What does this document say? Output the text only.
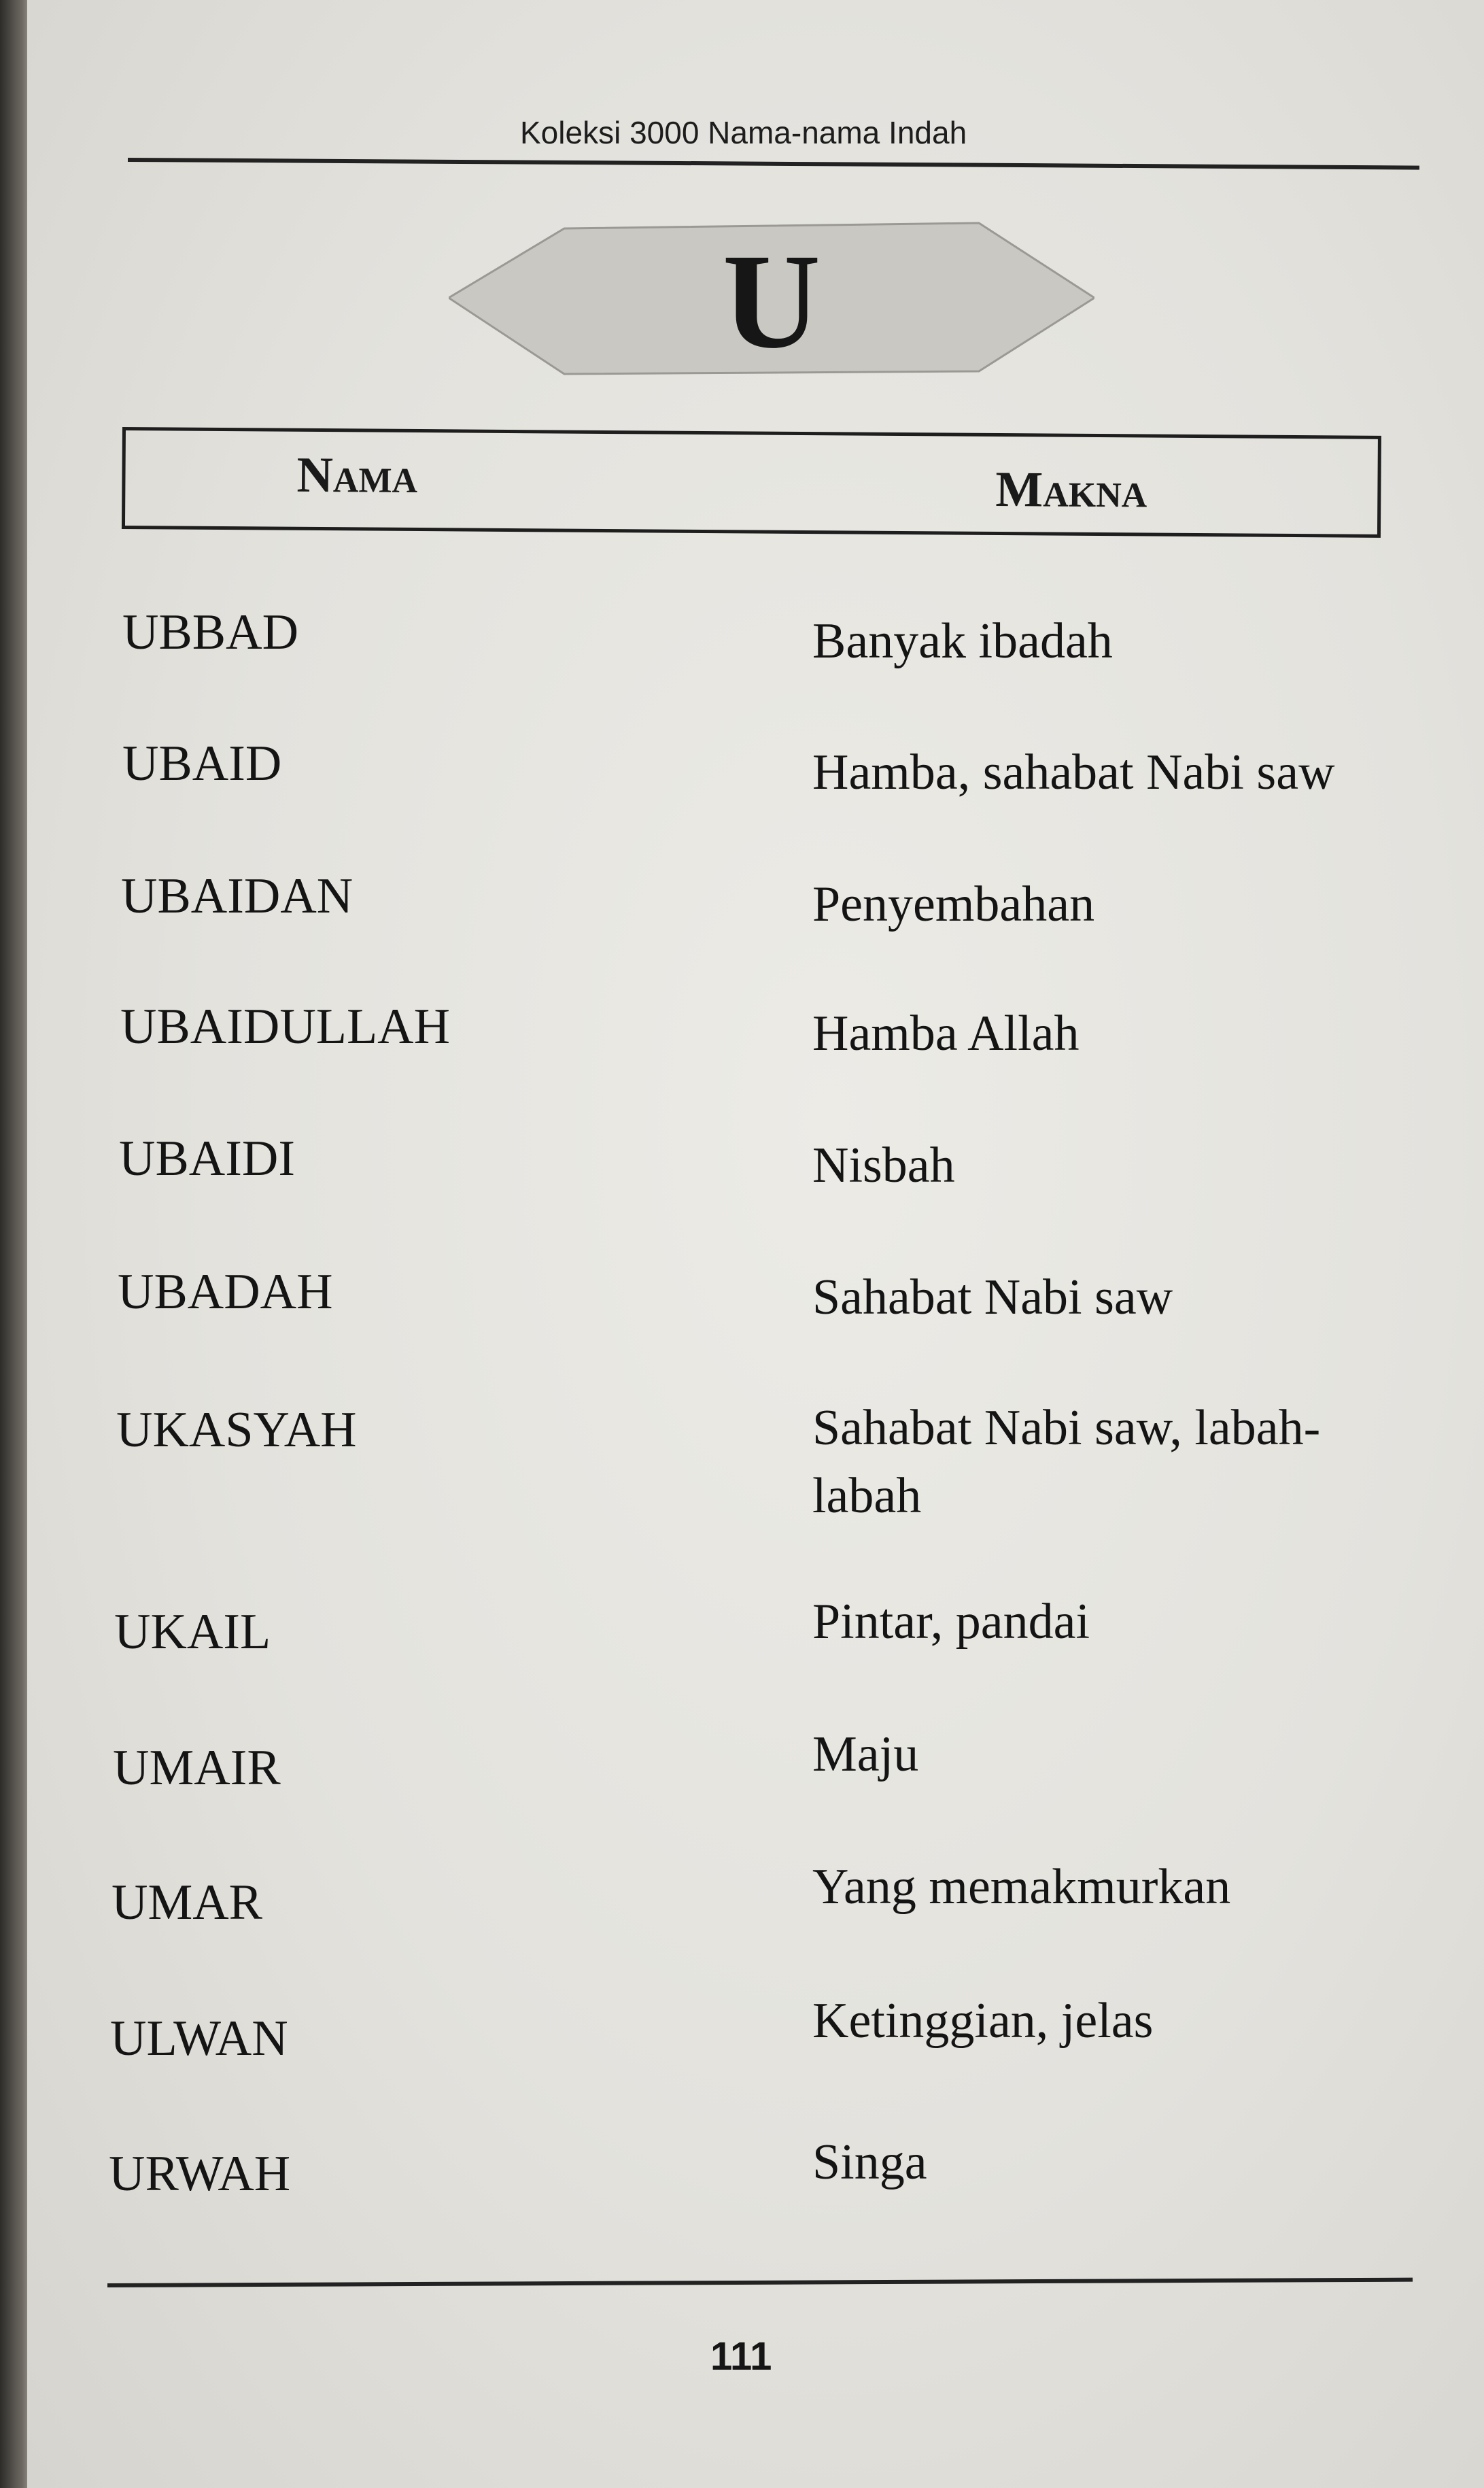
Koleksi 3000 Nama-nama Indah
U
Nama	Makna
UBBAD	Banyak ibadah
UBAID	Hamba, sahabat Nabi saw
UBAIDAN	Penyembahan
UBAIDULLAH	Hamba Allah
UBAIDI	Nisbah
UBADAH	Sahabat Nabi saw
UKASYAH	Sahabat Nabi saw, labah-labah
UKAIL	Pintar, pandai
UMAIR	Maju
UMAR	Yang memakmurkan
ULWAN	Ketinggian, jelas
URWAH	Singa
111
